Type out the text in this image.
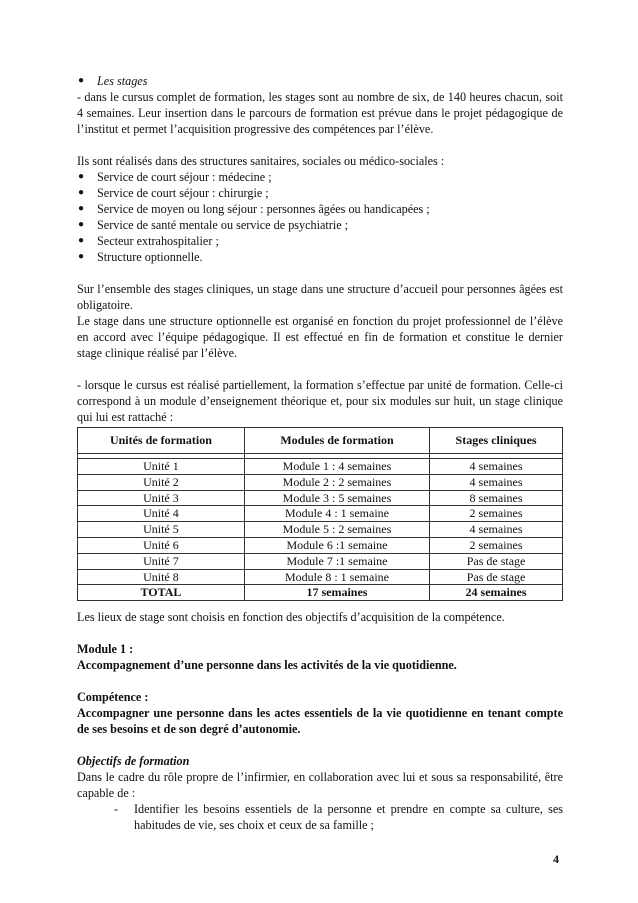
● Les stages

- dans le cursus complet de formation, les stages sont au nombre de six, de 140 heures chacun, soit 4 semaines. Leur insertion dans le parcours de formation est prévue dans le projet pédagogique de l’institut et permet l’acquisition progressive des compétences par l’élève.

Ils sont réalisés dans des structures sanitaires, sociales ou médico-sociales :

● Service de court séjour : médecine ;
● Service de court séjour : chirurgie ;
● Service de moyen ou long séjour : personnes âgées ou handicapées ;
● Service de santé mentale ou service de psychiatrie ;
● Secteur extrahospitalier ;
● Structure optionnelle.

Sur l’ensemble des stages cliniques, un stage dans une structure d’accueil pour personnes âgées est obligatoire.

Le stage dans une structure optionnelle est organisé en fonction du projet professionnel de l’élève en accord avec l’équipe pédagogique. Il est effectué en fin de formation et constitue le dernier stage clinique réalisé par l’élève.

- lorsque le cursus est réalisé partiellement, la formation s’effectue par unité de formation. Celle-ci correspond à un module d’enseignement théorique et, pour six modules sur huit, un stage clinique qui lui est rattaché :

Unités de formation	Modules de formation	Stages cliniques

Unité 1	Module 1 : 4 semaines	4 semaines
Unité 2	Module 2 : 2 semaines	4 semaines
Unité 3	Module 3 : 5 semaines	8 semaines
Unité 4	Module 4 : 1 semaine	2 semaines
Unité 5	Module 5 : 2 semaines	4 semaines
Unité 6	Module 6 :1 semaine	2 semaines
Unité 7	Module 7 :1 semaine	Pas de stage
Unité 8	Module 8 : 1 semaine	Pas de stage
TOTAL	17 semaines	24 semaines

Les lieux de stage sont choisis en fonction des objectifs d’acquisition de la compétence.

Module 1 :

Accompagnement d’une personne dans les activités de la vie quotidienne.

Compétence :

Accompagner une personne dans les actes essentiels de la vie quotidienne en tenant compte de ses besoins et de son degré d’autonomie.

Objectifs de formation

Dans le cadre du rôle propre de l’infirmier, en collaboration avec lui et sous sa responsabilité, être capable de :

- Identifier les besoins essentiels de la personne et prendre en compte sa culture, ses habitudes de vie, ses choix et ceux de sa famille ;
4
